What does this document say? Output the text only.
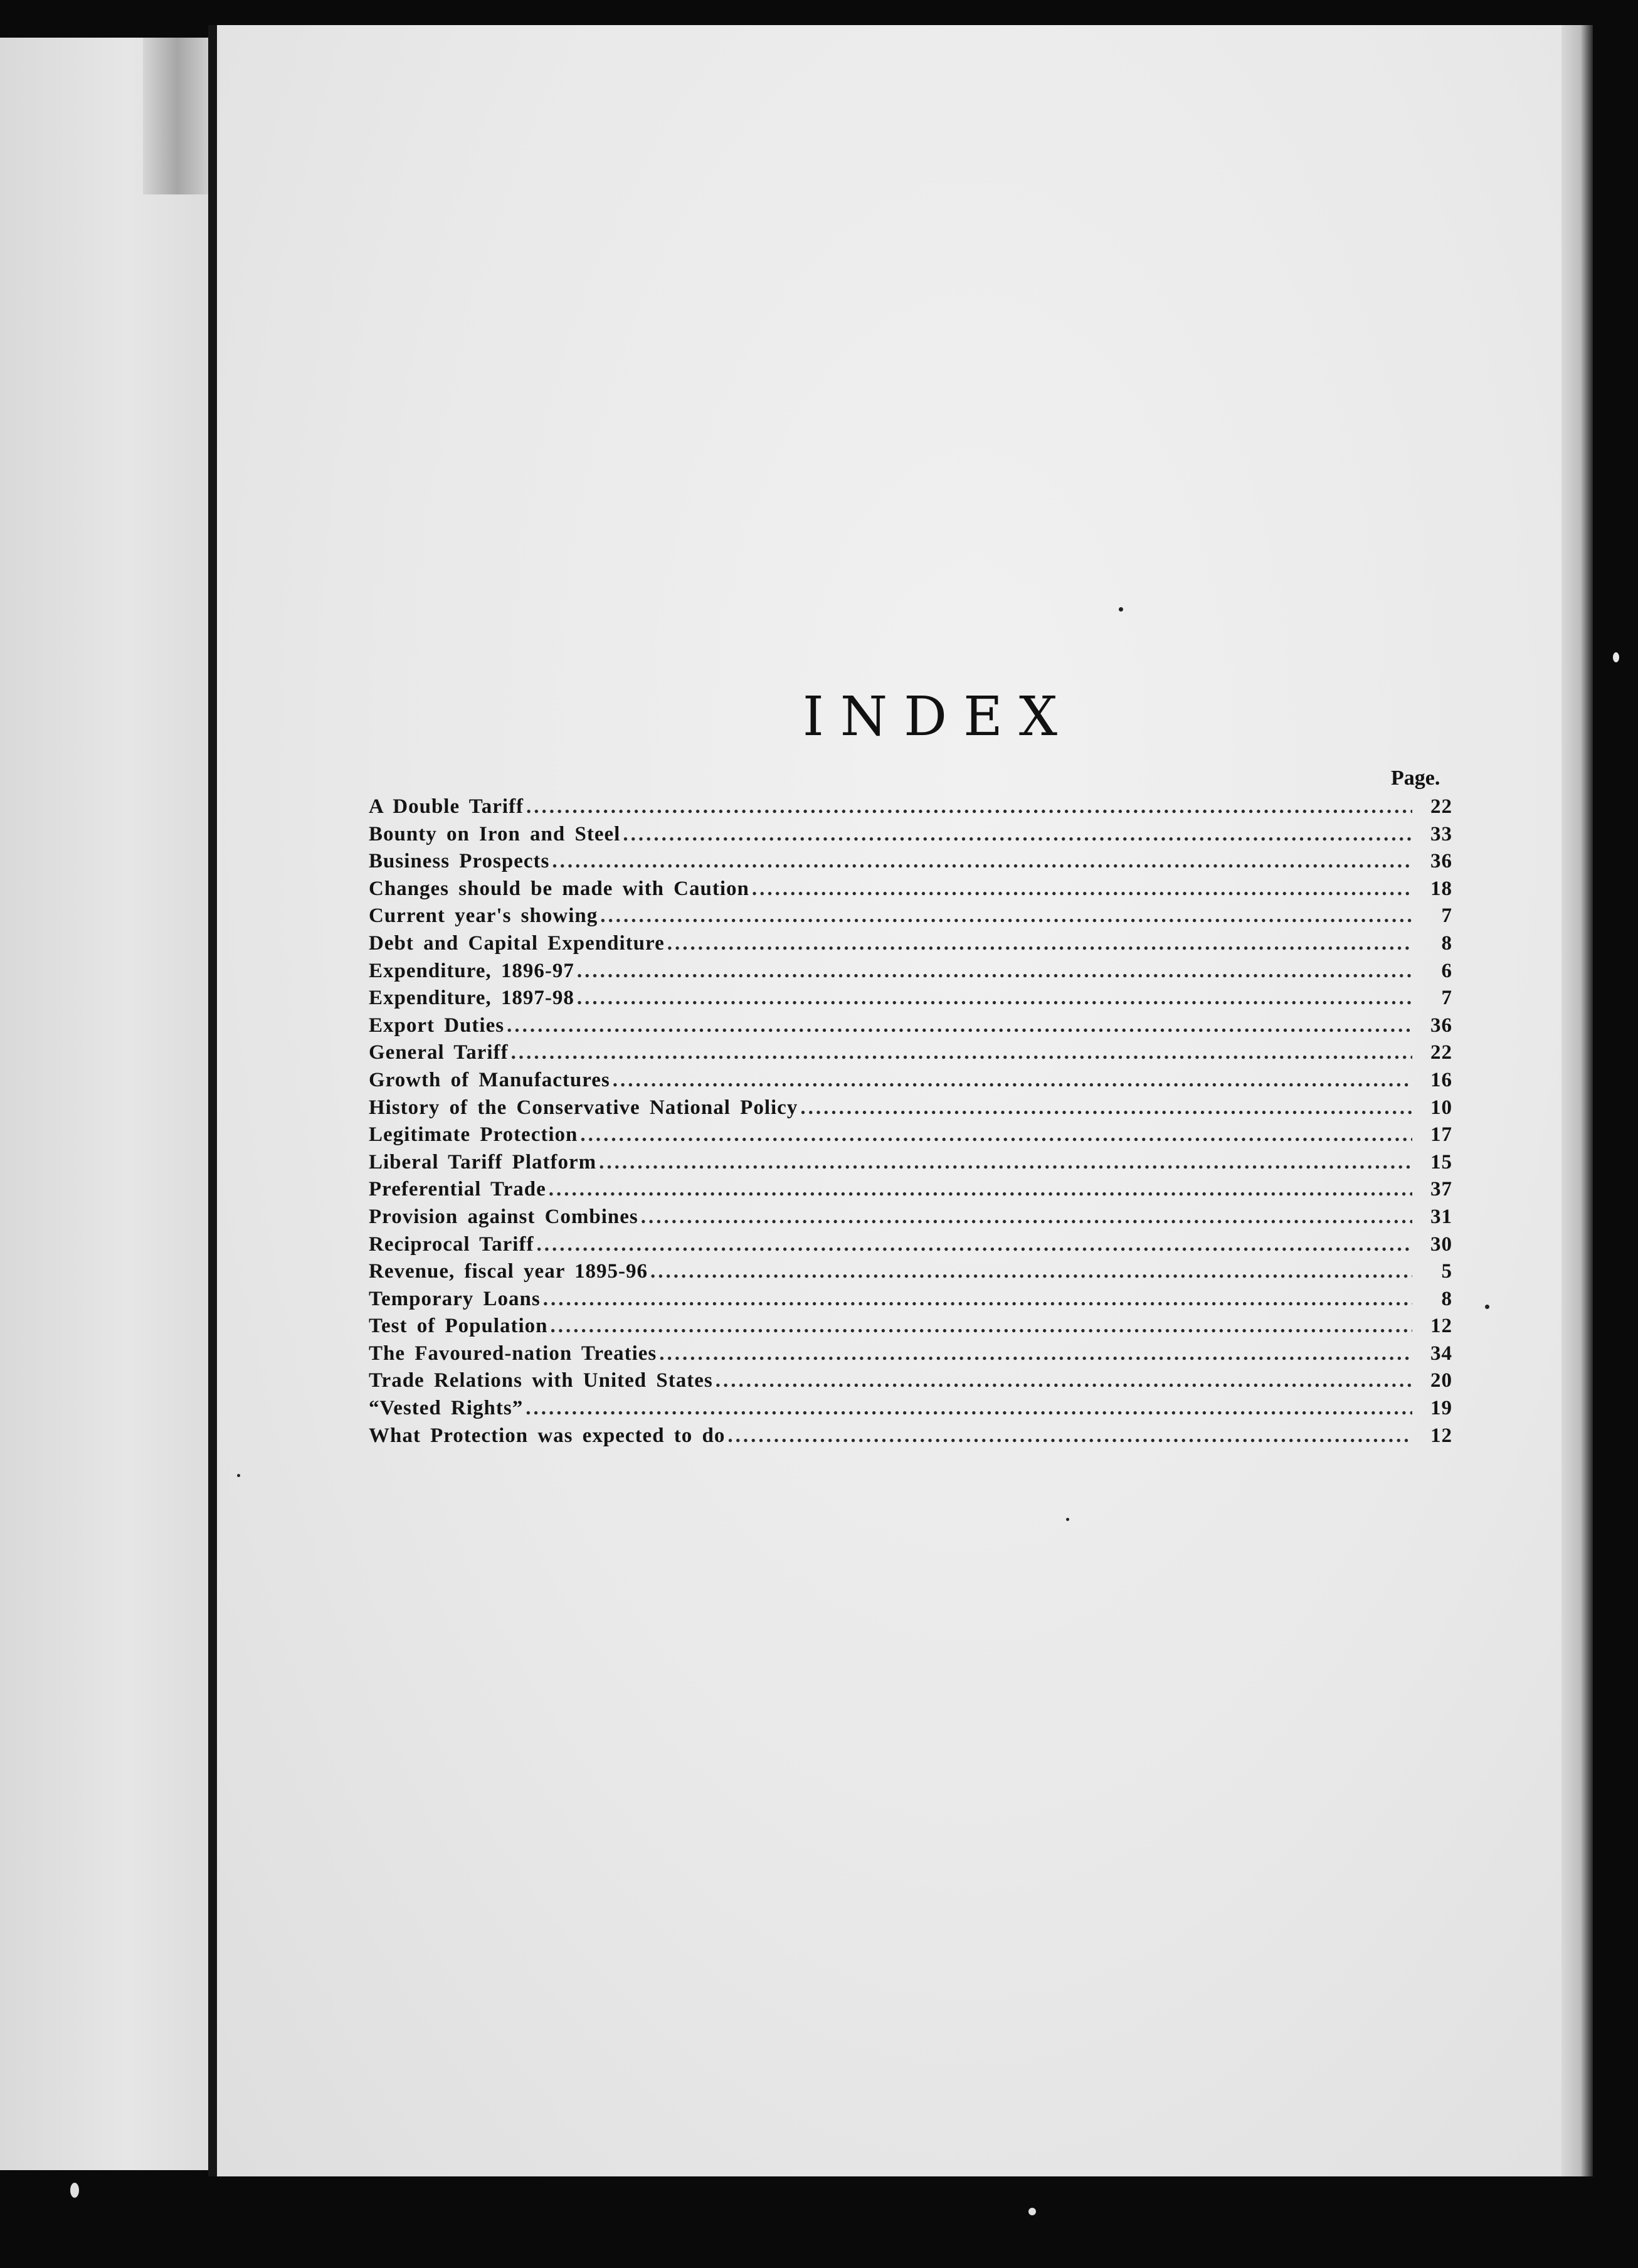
INDEX
Page.
A Double Tariff .....	22
Bounty on Iron and Steel .....	33
Business Prospects .....	36
Changes should be made with Caution .....	18
Current year's showing .....	7
Debt and Capital Expenditure .....	8
Expenditure, 1896-97 .....	6
Expenditure, 1897-98 .....	7
Export Duties .....	36
General Tariff .....	22
Growth of Manufactures .....	16
History of the Conservative National Policy .....	10
Legitimate Protection .....	17
Liberal Tariff Platform .....	15
Preferential Trade .....	37
Provision against Combines .....	31
Reciprocal Tariff .....	30
Revenue, fiscal year 1895-96 .....	5
Temporary Loans .....	8
Test of Population .....	12
The Favoured-nation Treaties .....	34
Trade Relations with United States .....	20
“Vested Rights” .....	19
What Protection was expected to do .....	12
